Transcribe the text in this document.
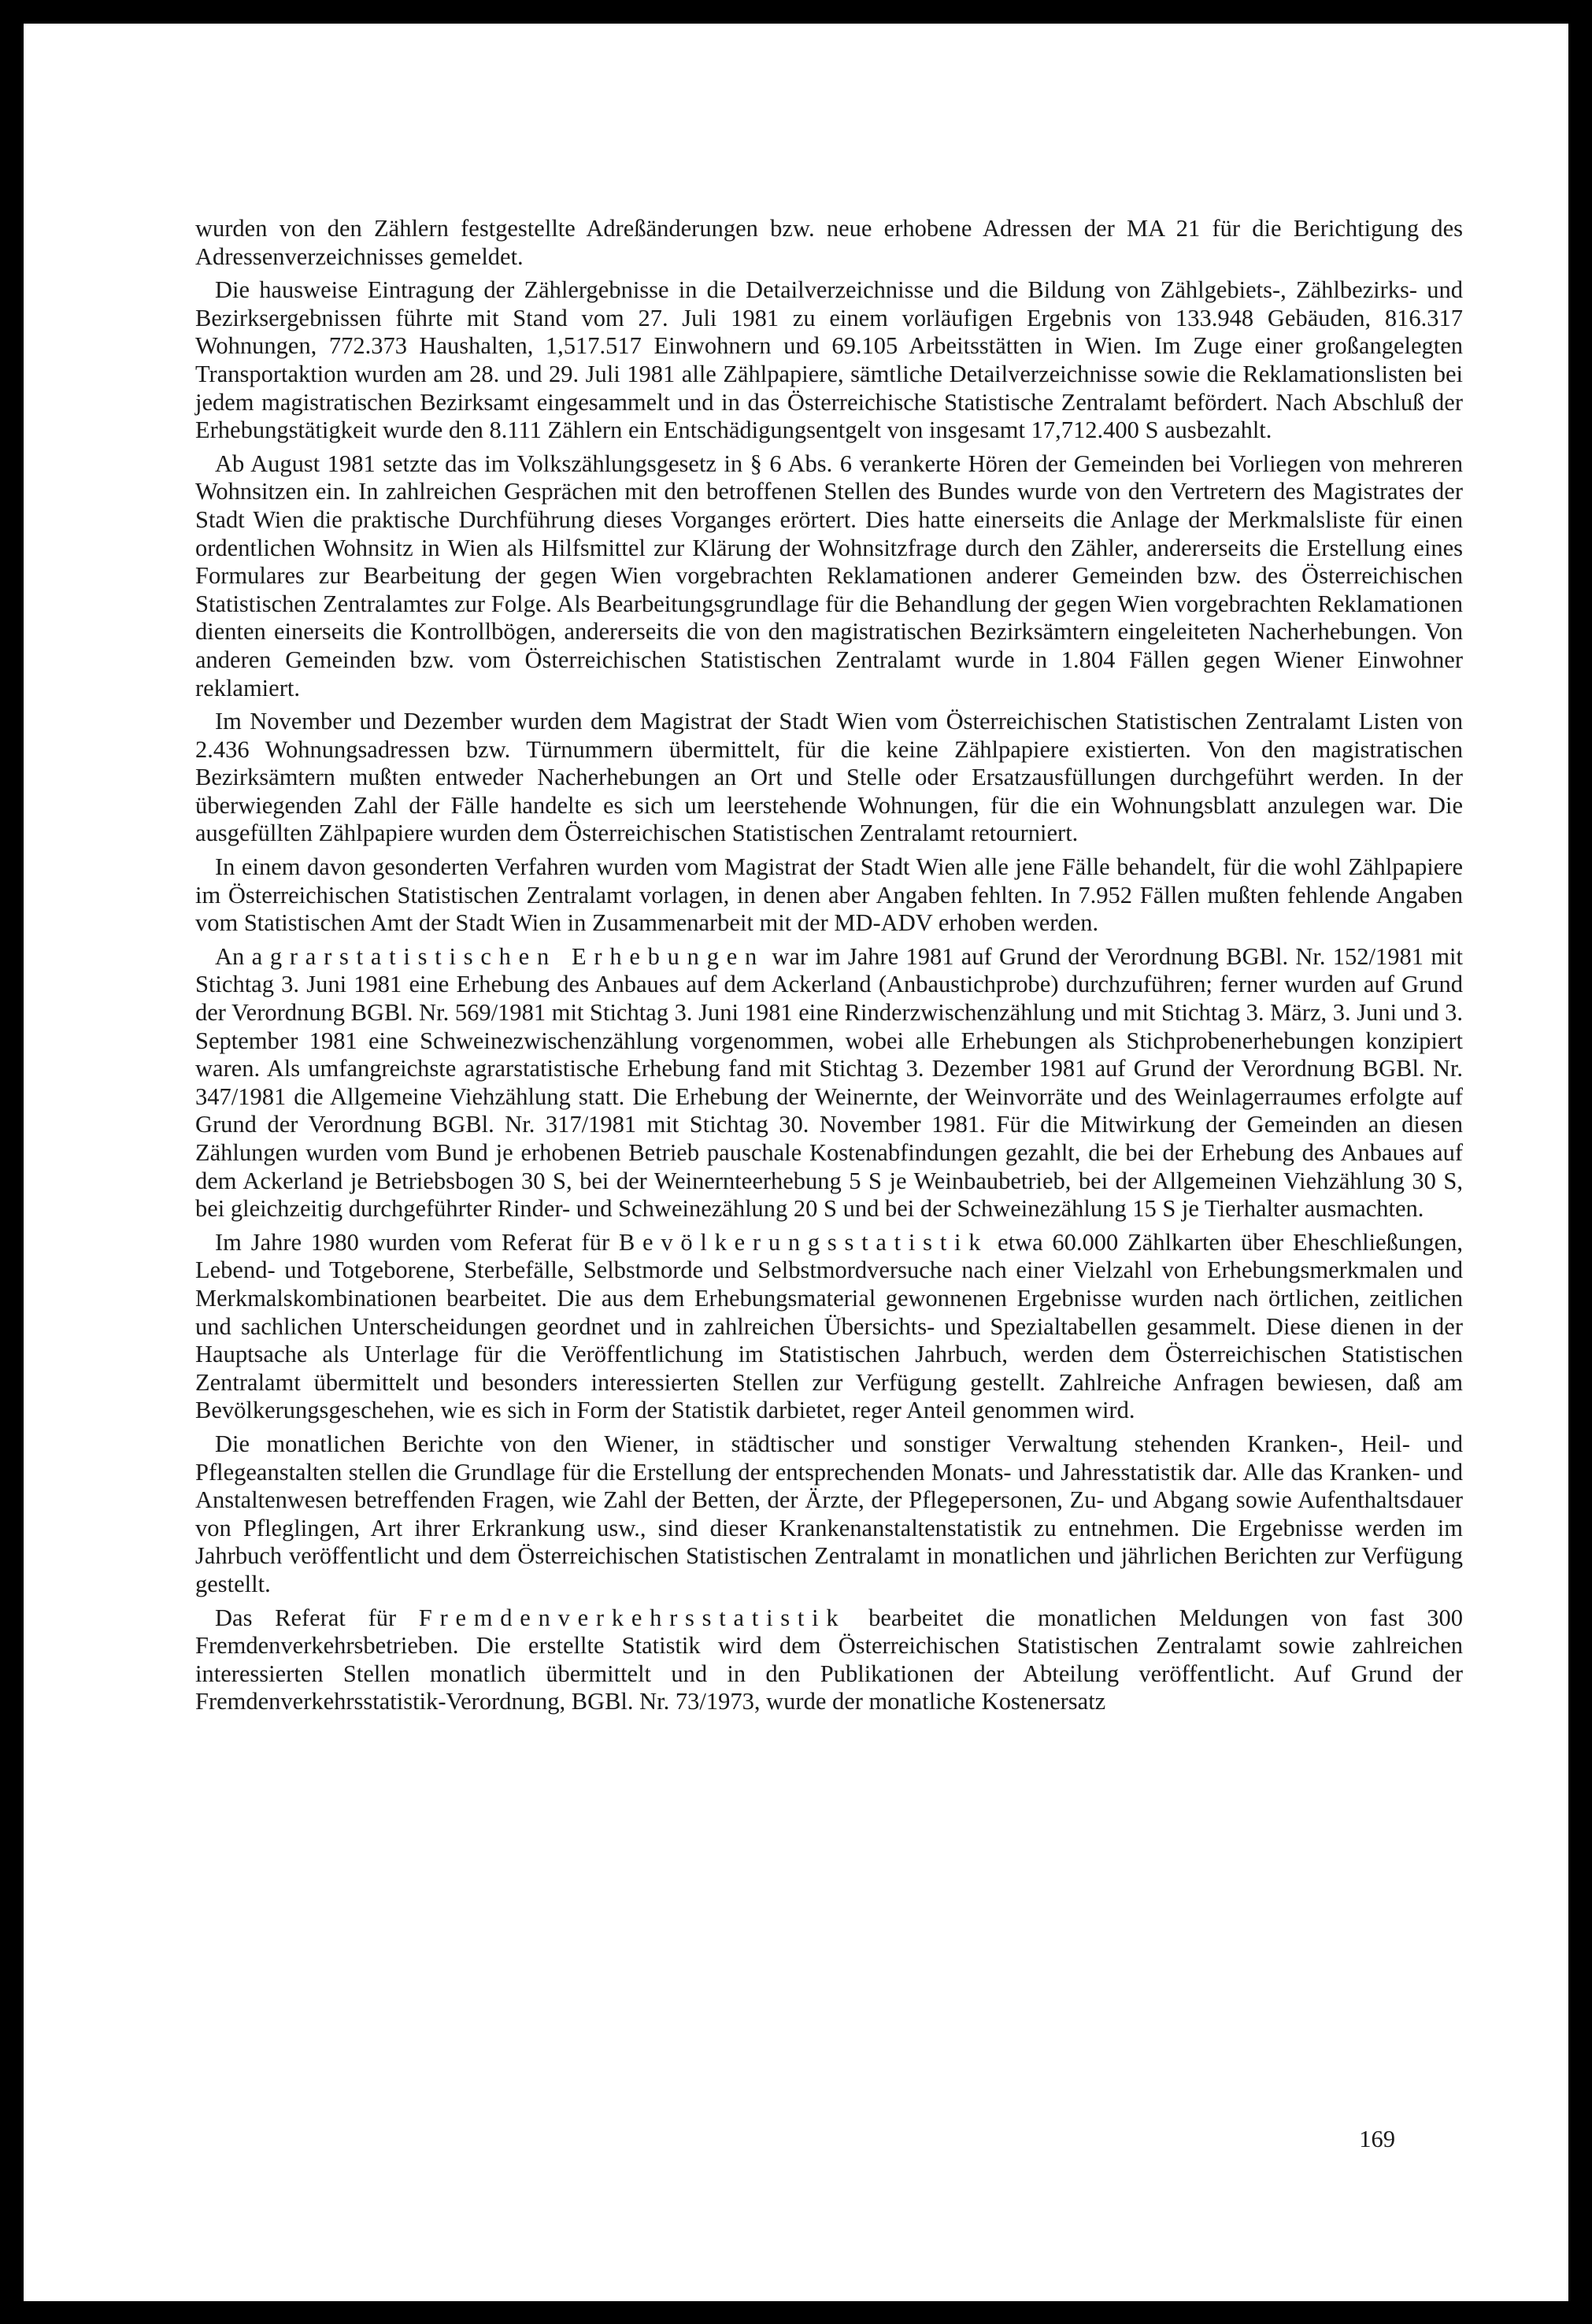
wurden von den Zählern festgestellte Adreßänderungen bzw. neue erhobene Adressen der MA 21 für die Berichtigung des Adressenverzeichnisses gemeldet.

Die hausweise Eintragung der Zählergebnisse in die Detailverzeichnisse und die Bildung von Zählgebiets-, Zählbezirks- und Bezirksergebnissen führte mit Stand vom 27. Juli 1981 zu einem vorläufigen Ergebnis von 133.948 Gebäuden, 816.317 Wohnungen, 772.373 Haushalten, 1,517.517 Einwohnern und 69.105 Arbeitsstätten in Wien. Im Zuge einer großangelegten Transportaktion wurden am 28. und 29. Juli 1981 alle Zählpapiere, sämtliche Detailverzeichnisse sowie die Reklamationslisten bei jedem magistratischen Bezirksamt eingesammelt und in das Österreichische Statistische Zentralamt befördert. Nach Abschluß der Erhebungstätigkeit wurde den 8.111 Zählern ein Entschädigungsentgelt von insgesamt 17,712.400 S ausbezahlt.

Ab August 1981 setzte das im Volkszählungsgesetz in § 6 Abs. 6 verankerte Hören der Gemeinden bei Vorliegen von mehreren Wohnsitzen ein. In zahlreichen Gesprächen mit den betroffenen Stellen des Bundes wurde von den Vertretern des Magistrates der Stadt Wien die praktische Durchführung dieses Vorganges erörtert. Dies hatte einerseits die Anlage der Merkmalsliste für einen ordentlichen Wohnsitz in Wien als Hilfsmittel zur Klärung der Wohnsitzfrage durch den Zähler, andererseits die Erstellung eines Formulares zur Bearbeitung der gegen Wien vorgebrachten Reklamationen anderer Gemeinden bzw. des Österreichischen Statistischen Zentralamtes zur Folge. Als Bearbeitungsgrundlage für die Behandlung der gegen Wien vorgebrachten Reklamationen dienten einerseits die Kontrollbögen, andererseits die von den magistratischen Bezirksämtern eingeleiteten Nacherhebungen. Von anderen Gemeinden bzw. vom Österreichischen Statistischen Zentralamt wurde in 1.804 Fällen gegen Wiener Einwohner reklamiert.

Im November und Dezember wurden dem Magistrat der Stadt Wien vom Österreichischen Statistischen Zentralamt Listen von 2.436 Wohnungsadressen bzw. Türnummern übermittelt, für die keine Zählpapiere existierten. Von den magistratischen Bezirksämtern mußten entweder Nacherhebungen an Ort und Stelle oder Ersatzausfüllungen durchgeführt werden. In der überwiegenden Zahl der Fälle handelte es sich um leerstehende Wohnungen, für die ein Wohnungsblatt anzulegen war. Die ausgefüllten Zählpapiere wurden dem Österreichischen Statistischen Zentralamt retourniert.

In einem davon gesonderten Verfahren wurden vom Magistrat der Stadt Wien alle jene Fälle behandelt, für die wohl Zählpapiere im Österreichischen Statistischen Zentralamt vorlagen, in denen aber Angaben fehlten. In 7.952 Fällen mußten fehlende Angaben vom Statistischen Amt der Stadt Wien in Zusammenarbeit mit der MD-ADV erhoben werden.

An agrarstatistischen Erhebungen war im Jahre 1981 auf Grund der Verordnung BGBl. Nr. 152/1981 mit Stichtag 3. Juni 1981 eine Erhebung des Anbaues auf dem Ackerland (Anbaustichprobe) durchzuführen; ferner wurden auf Grund der Verordnung BGBl. Nr. 569/1981 mit Stichtag 3. Juni 1981 eine Rinderzwischenzählung und mit Stichtag 3. März, 3. Juni und 3. September 1981 eine Schweinezwischenzählung vorgenommen, wobei alle Erhebungen als Stichprobenerhebungen konzipiert waren. Als umfangreichste agrarstatistische Erhebung fand mit Stichtag 3. Dezember 1981 auf Grund der Verordnung BGBl. Nr. 347/1981 die Allgemeine Viehzählung statt. Die Erhebung der Weinernte, der Weinvorräte und des Weinlagerraumes erfolgte auf Grund der Verordnung BGBl. Nr. 317/1981 mit Stichtag 30. November 1981. Für die Mitwirkung der Gemeinden an diesen Zählungen wurden vom Bund je erhobenen Betrieb pauschale Kostenabfindungen gezahlt, die bei der Erhebung des Anbaues auf dem Ackerland je Betriebsbogen 30 S, bei der Weinernteerhebung 5 S je Weinbaubetrieb, bei der Allgemeinen Viehzählung 30 S, bei gleichzeitig durchgeführter Rinder- und Schweinezählung 20 S und bei der Schweinezählung 15 S je Tierhalter ausmachten.

Im Jahre 1980 wurden vom Referat für Bevölkerungsstatistik etwa 60.000 Zählkarten über Eheschließungen, Lebend- und Totgeborene, Sterbefälle, Selbstmorde und Selbstmordversuche nach einer Vielzahl von Erhebungsmerkmalen und Merkmalskombinationen bearbeitet. Die aus dem Erhebungsmaterial gewonnenen Ergebnisse wurden nach örtlichen, zeitlichen und sachlichen Unterscheidungen geordnet und in zahlreichen Übersichts- und Spezialtabellen gesammelt. Diese dienen in der Hauptsache als Unterlage für die Veröffentlichung im Statistischen Jahrbuch, werden dem Österreichischen Statistischen Zentralamt übermittelt und besonders interessierten Stellen zur Verfügung gestellt. Zahlreiche Anfragen bewiesen, daß am Bevölkerungsgeschehen, wie es sich in Form der Statistik darbietet, reger Anteil genommen wird.

Die monatlichen Berichte von den Wiener, in städtischer und sonstiger Verwaltung stehenden Kranken-, Heil- und Pflegeanstalten stellen die Grundlage für die Erstellung der entsprechenden Monats- und Jahresstatistik dar. Alle das Kranken- und Anstaltenwesen betreffenden Fragen, wie Zahl der Betten, der Ärzte, der Pflegepersonen, Zu- und Abgang sowie Aufenthaltsdauer von Pfleglingen, Art ihrer Erkrankung usw., sind dieser Krankenanstaltenstatistik zu entnehmen. Die Ergebnisse werden im Jahrbuch veröffentlicht und dem Österreichischen Statistischen Zentralamt in monatlichen und jährlichen Berichten zur Verfügung gestellt.

Das Referat für Fremdenverkehrsstatistik bearbeitet die monatlichen Meldungen von fast 300 Fremdenverkehrsbetrieben. Die erstellte Statistik wird dem Österreichischen Statistischen Zentralamt sowie zahlreichen interessierten Stellen monatlich übermittelt und in den Publikationen der Abteilung veröffentlicht. Auf Grund der Fremdenverkehrsstatistik-Verordnung, BGBl. Nr. 73/1973, wurde der monatliche Kostenersatz

169
